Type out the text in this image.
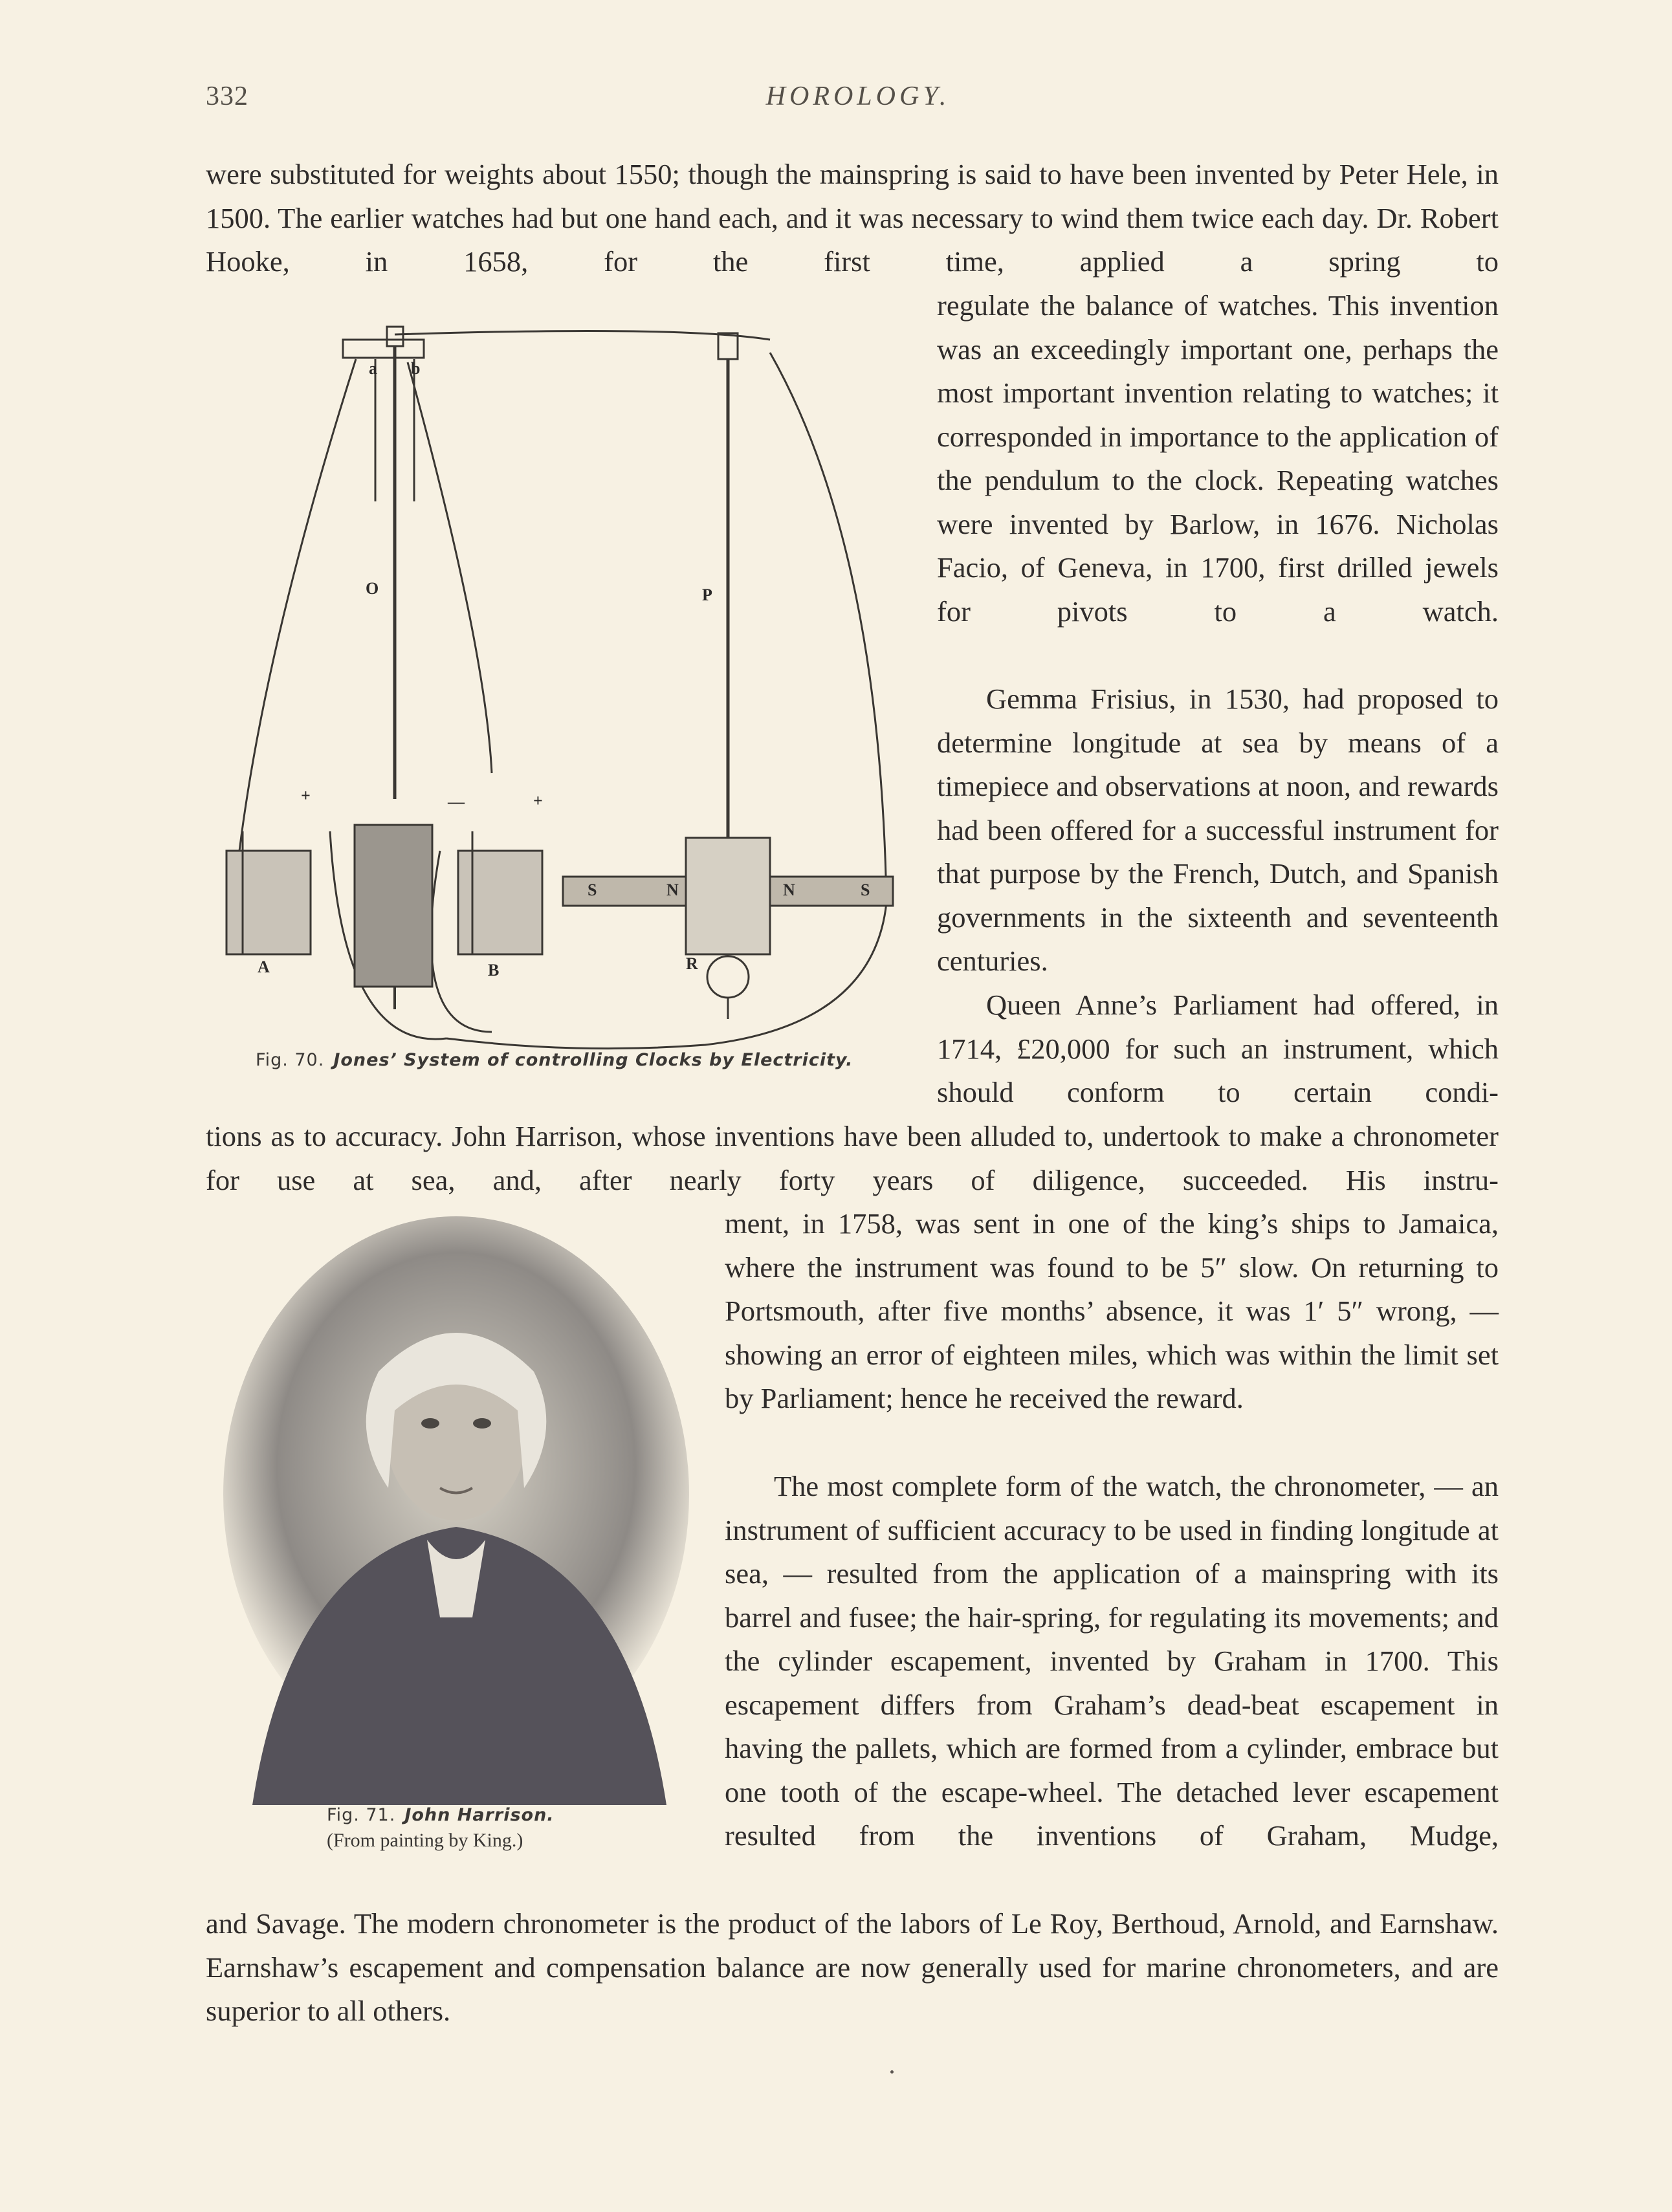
332	HOROLOGY.

were substituted for weights about 1550; though the mainspring is said to have been invented by Peter Hele, in 1500. The earlier watches had but one hand each, and it was necessary to wind them twice each day. Dr. Robert Hooke, in 1658, for the first time, applied a spring to

regulate the balance of watches. This invention was an exceedingly important one, perhaps the most important invention relating to watches; it corresponded in importance to the application of the pendulum to the clock. Repeating watches were invented by Barlow, in 1676. Nicholas Facio, of Geneva, in 1700, first drilled jewels for pivots to a watch.

Gemma Frisius, in 1530, had proposed to determine longitude at sea by means of a timepiece and observations at noon, and rewards had been offered for a successful instrument for that purpose by the French, Dutch, and Spanish governments in the sixteenth and seventeenth centuries.

Queen Anne’s Parliament had offered, in 1714, £20,000 for such an instrument, which should conform to certain condi-

tions as to accuracy. John Harrison, whose inventions have been alluded to, undertook to make a chronometer for use at sea, and, after nearly forty years of diligence, succeeded. His instru-

ment, in 1758, was sent in one of the king’s ships to Jamaica, where the instrument was found to be 5″ slow. On returning to Portsmouth, after five months’ absence, it was 1′ 5″ wrong, — showing an error of eighteen miles, which was within the limit set by Parliament; hence he received the reward.

The most complete form of the watch, the chronometer, — an instrument of sufficient accuracy to be used in finding longitude at sea, — resulted from the application of a mainspring with its barrel and fusee; the hair-spring, for regulating its movements; and the cylinder escapement, invented by Graham in 1700. This escapement differs from Graham’s dead-beat escapement in having the pallets, which are formed from a cylinder, embrace but one tooth of the escape-wheel. The detached lever escapement resulted from the inventions of Graham, Mudge,

and Savage. The modern chronometer is the product of the labors of Le Roy, Berthoud, Arnold, and Earnshaw. Earnshaw’s escapement and compensation balance are now generally used for marine chronometers, and are superior to all others.

a b
O	P
+	—	+
A	B	R
S	N	N	S
Fig. 70. Jones’ System of controlling Clocks by Electricity.
Fig. 71. John Harrison.
(From painting by King.)
